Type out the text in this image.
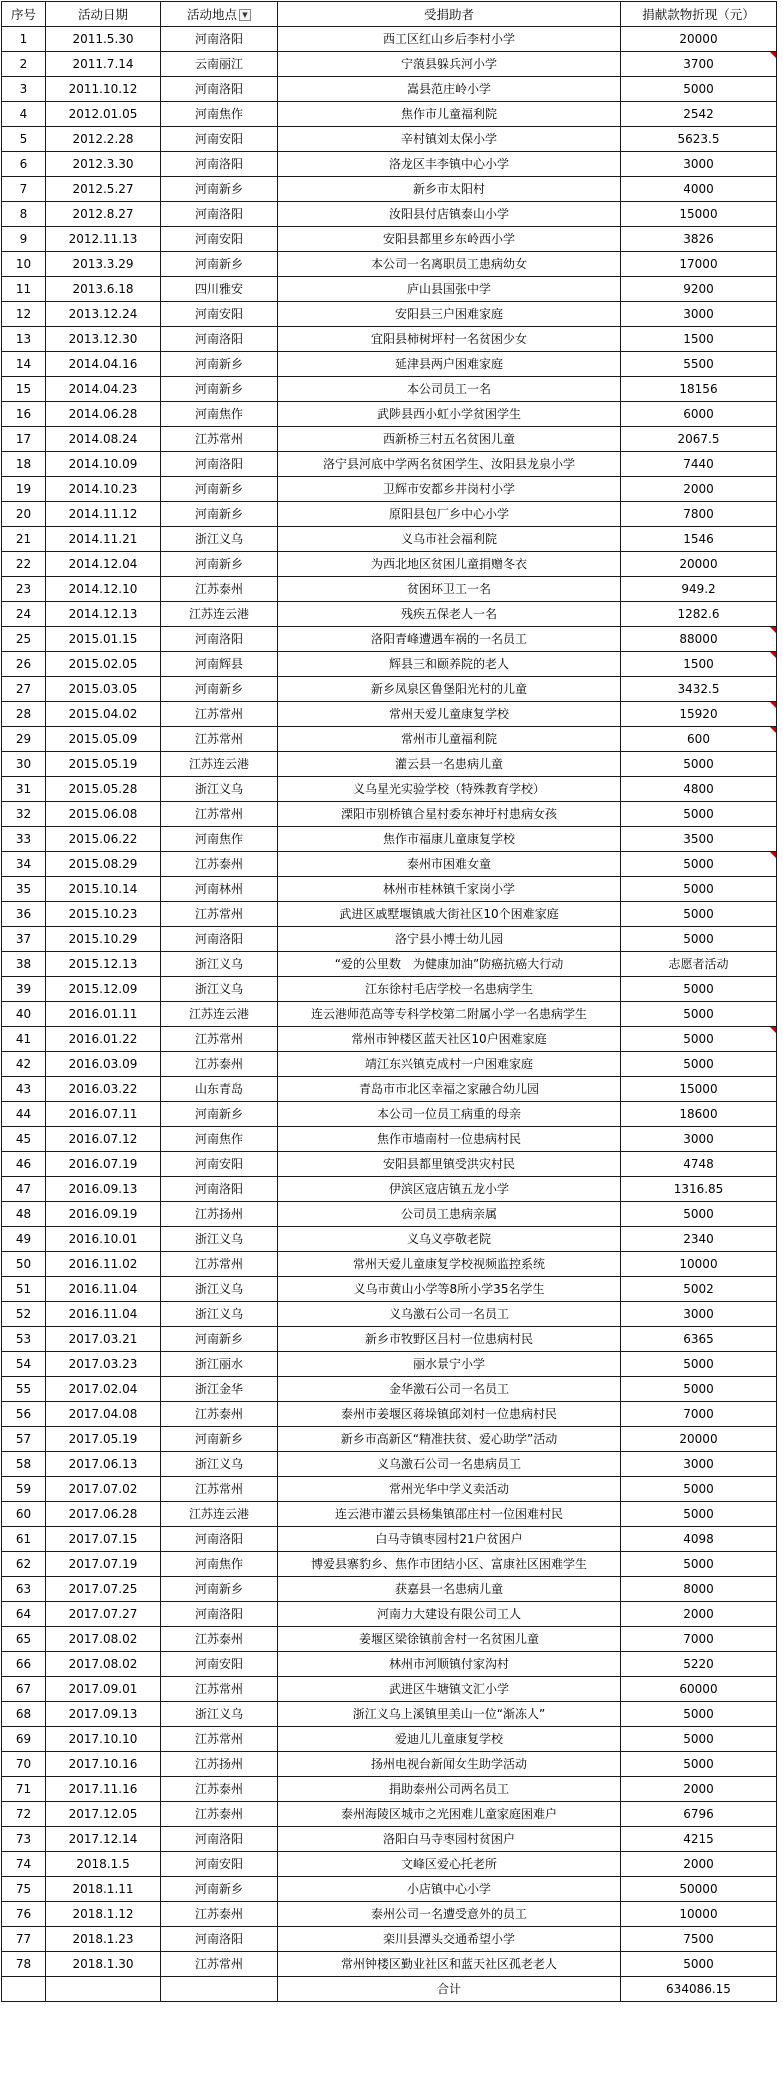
序号	活动日期	活动地点 ▼	受捐助者	捐献款物折现（元）
1	2011.5.30	河南洛阳	西工区红山乡后李村小学	20000
2	2011.7.14	云南丽江	宁蒗县躲兵河小学	3700

3	2011.10.12	河南洛阳	嵩县范庄岭小学	5000
4	2012.01.05	河南焦作	焦作市儿童福利院	2542
5	2012.2.28	河南安阳	辛村镇刘太保小学	5623.5
6	2012.3.30	河南洛阳	洛龙区丰李镇中心小学	3000
7	2012.5.27	河南新乡	新乡市太阳村	4000
8	2012.8.27	河南洛阳	汝阳县付店镇泰山小学	15000
9	2012.11.13	河南安阳	安阳县都里乡东岭西小学	3826
10	2013.3.29	河南新乡	本公司一名离职员工患病幼女	17000
11	2013.6.18	四川雅安	庐山县国张中学	9200
12	2013.12.24	河南安阳	安阳县三户困难家庭	3000
13	2013.12.30	河南洛阳	宜阳县柿树坪村一名贫困少女	1500
14	2014.04.16	河南新乡	延津县两户困难家庭	5500
15	2014.04.23	河南新乡	本公司员工一名	18156
16	2014.06.28	河南焦作	武陟县西小虹小学贫困学生	6000
17	2014.08.24	江苏常州	西新桥三村五名贫困儿童	2067.5
18	2014.10.09	河南洛阳	洛宁县河底中学两名贫困学生、汝阳县龙泉小学	7440
19	2014.10.23	河南新乡	卫辉市安都乡井岗村小学	2000
20	2014.11.12	河南新乡	原阳县包厂乡中心小学	7800
21	2014.11.21	浙江义乌	义乌市社会福利院	1546
22	2014.12.04	河南新乡	为西北地区贫困儿童捐赠冬衣	20000
23	2014.12.10	江苏泰州	贫困环卫工一名	949.2
24	2014.12.13	江苏连云港	残疾五保老人一名	1282.6
25	2015.01.15	河南洛阳	洛阳青峰遭遇车祸的一名员工	88000

26	2015.02.05	河南辉县	辉县三和颐养院的老人	1500

27	2015.03.05	河南新乡	新乡凤泉区鲁堡阳光村的儿童	3432.5
28	2015.04.02	江苏常州	常州天爱儿童康复学校	15920

29	2015.05.09	江苏常州	常州市儿童福利院	600

30	2015.05.19	江苏连云港	灌云县一名患病儿童	5000
31	2015.05.28	浙江义乌	义乌星光实验学校（特殊教育学校）	4800
32	2015.06.08	江苏常州	溧阳市别桥镇合星村委东神圩村患病女孩	5000
33	2015.06.22	河南焦作	焦作市福康儿童康复学校	3500
34	2015.08.29	江苏泰州	泰州市困难女童	5000

35	2015.10.14	河南林州	林州市桂林镇千家岗小学	5000
36	2015.10.23	江苏常州	武进区戚墅堰镇戚大街社区10个困难家庭	5000
37	2015.10.29	河南洛阳	洛宁县小博士幼儿园	5000
38	2015.12.13	浙江义乌	“爱的公里数　为健康加油”防癌抗癌大行动	志愿者活动
39	2015.12.09	浙江义乌	江东徐村毛店学校一名患病学生	5000
40	2016.01.11	江苏连云港	连云港师范高等专科学校第二附属小学一名患病学生	5000
41	2016.01.22	江苏常州	常州市钟楼区蓝天社区10户困难家庭	5000

42	2016.03.09	江苏泰州	靖江东兴镇克成村一户困难家庭	5000
43	2016.03.22	山东青岛	青岛市市北区幸福之家融合幼儿园	15000
44	2016.07.11	河南新乡	本公司一位员工病重的母亲	18600
45	2016.07.12	河南焦作	焦作市墙南村一位患病村民	3000
46	2016.07.19	河南安阳	安阳县都里镇受洪灾村民	4748
47	2016.09.13	河南洛阳	伊滨区寇店镇五龙小学	1316.85
48	2016.09.19	江苏扬州	公司员工患病亲属	5000
49	2016.10.01	浙江义乌	义乌义亭敬老院	2340
50	2016.11.02	江苏常州	常州天爱儿童康复学校视频监控系统	10000
51	2016.11.04	浙江义乌	义乌市黄山小学等8所小学35名学生	5002
52	2016.11.04	浙江义乌	义乌激石公司一名员工	3000
53	2017.03.21	河南新乡	新乡市牧野区吕村一位患病村民	6365
54	2017.03.23	浙江丽水	丽水景宁小学	5000
55	2017.02.04	浙江金华	金华激石公司一名员工	5000
56	2017.04.08	江苏泰州	泰州市姜堰区蒋垛镇邱刘村一位患病村民	7000
57	2017.05.19	河南新乡	新乡市高新区“精准扶贫、爱心助学”活动	20000
58	2017.06.13	浙江义乌	义乌激石公司一名患病员工	3000
59	2017.07.02	江苏常州	常州光华中学义卖活动	5000
60	2017.06.28	江苏连云港	连云港市灌云县杨集镇邵庄村一位困难村民	5000
61	2017.07.15	河南洛阳	白马寺镇枣园村21户贫困户	4098
62	2017.07.19	河南焦作	博爱县寨豹乡、焦作市团结小区、富康社区困难学生	5000
63	2017.07.25	河南新乡	获嘉县一名患病儿童	8000
64	2017.07.27	河南洛阳	河南力大建设有限公司工人	2000
65	2017.08.02	江苏泰州	姜堰区梁徐镇前舍村一名贫困儿童	7000
66	2017.08.02	河南安阳	林州市河顺镇付家沟村	5220
67	2017.09.01	江苏常州	武进区牛塘镇文汇小学	60000
68	2017.09.13	浙江义乌	浙江义乌上溪镇里美山一位“渐冻人”	5000
69	2017.10.10	江苏常州	爱迪儿儿童康复学校	5000
70	2017.10.16	江苏扬州	扬州电视台新闻女生助学活动	5000
71	2017.11.16	江苏泰州	捐助泰州公司两名员工	2000
72	2017.12.05	江苏泰州	泰州海陵区城市之光困难儿童家庭困难户	6796
73	2017.12.14	河南洛阳	洛阳白马寺枣园村贫困户	4215
74	2018.1.5	河南安阳	文峰区爱心托老所	2000
75	2018.1.11	河南新乡	小店镇中心小学	50000
76	2018.1.12	江苏泰州	泰州公司一名遭受意外的员工	10000
77	2018.1.23	河南洛阳	栾川县潭头交通希望小学	7500
78	2018.1.30	江苏常州	常州钟楼区勤业社区和蓝天社区孤老老人	5000
			合计	634086.15
